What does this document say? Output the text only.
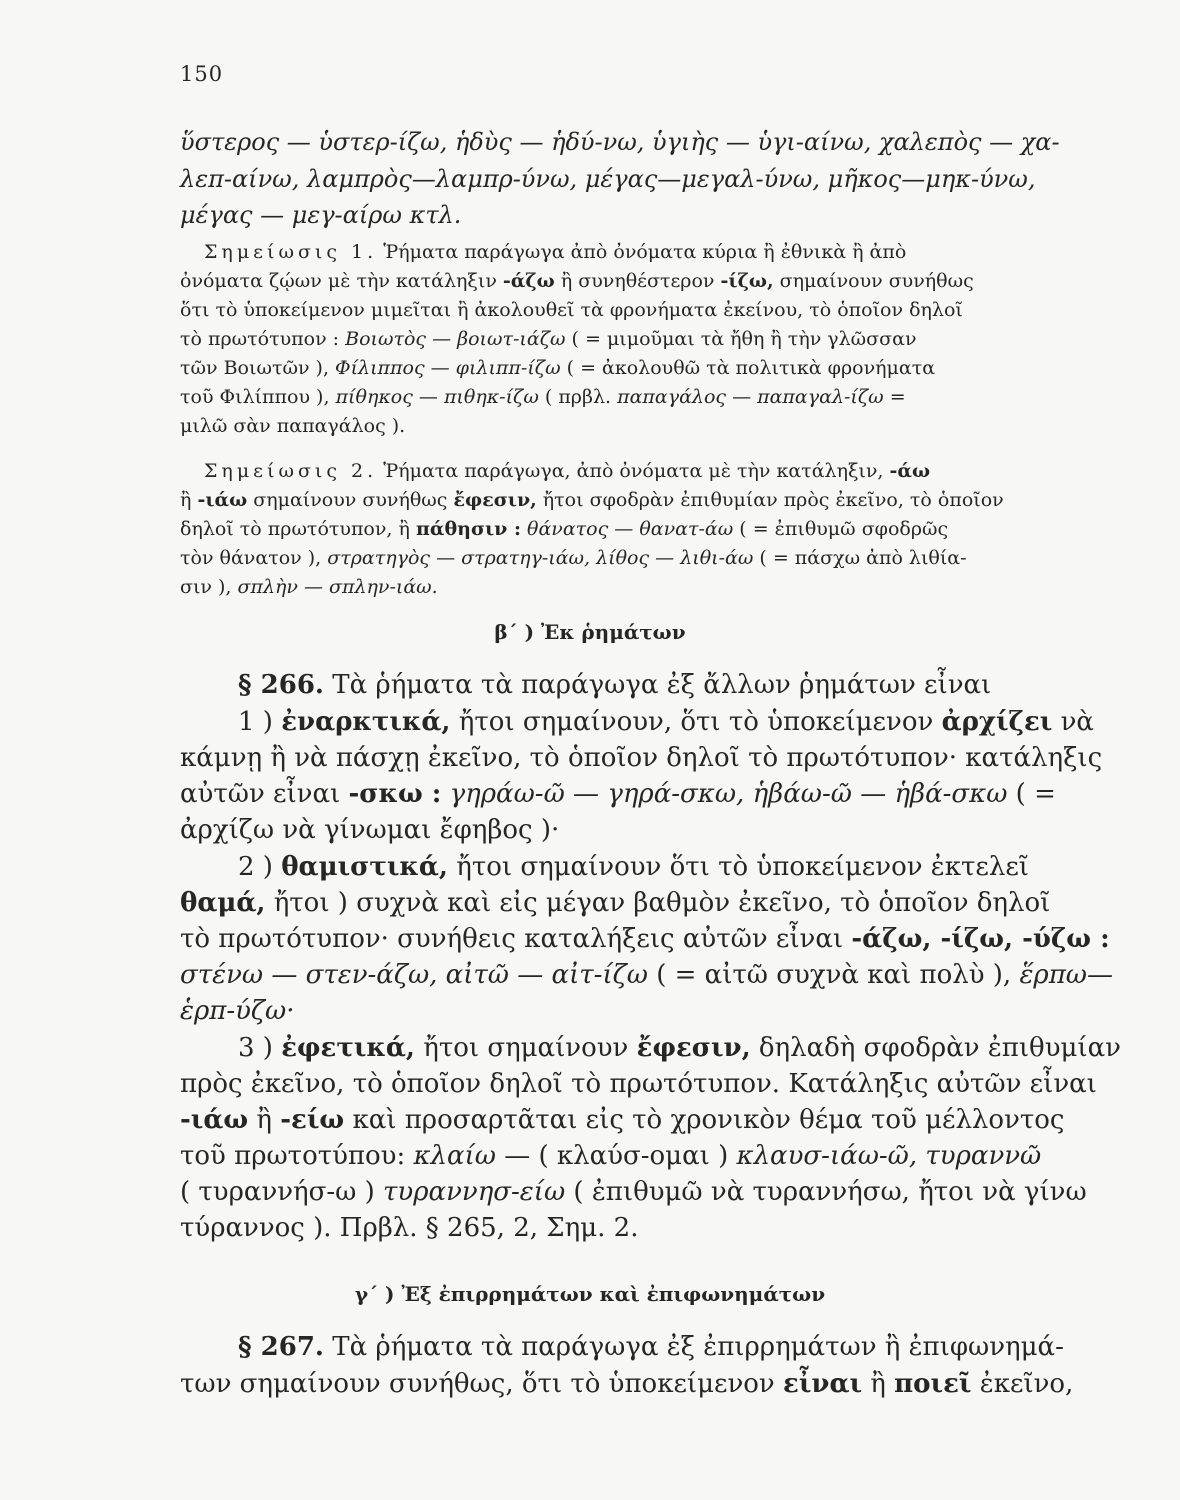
150
ὕστερος — ὑστερ-ίζω, ἡδὺς — ἡδύ-νω, ὑγιὴς — ὑγι-αίνω, χαλεπὸς — χα-
λεπ-αίνω, λαμπρὸς—λαμπρ-ύνω, μέγας—μεγαλ-ύνω, μῆκος—μηκ-ύνω,
μέγας — μεγ-αίρω κτλ.
Σημείωσις 1. Ῥήματα παράγωγα ἀπὸ ὀνόματα κύρια ἢ ἐθνικὰ ἢ ἀπὸ
ὀνόματα ζῴων μὲ τὴν κατάληξιν -άζω ἢ συνηθέστερον -ίζω, σημαίνουν συνήθως
ὅτι τὸ ὑποκείμενον μιμεῖται ἢ ἀκολουθεῖ τὰ φρονήματα ἐκείνου, τὸ ὁποῖον δηλοῖ
τὸ πρωτότυπον : Βοιωτὸς — βοιωτ-ιάζω ( = μιμοῦμαι τὰ ἤθη ἢ τὴν γλῶσσαν
τῶν Βοιωτῶν ), Φίλιππος — φιλιππ-ίζω ( = ἀκολουθῶ τὰ πολιτικὰ φρονήματα
τοῦ Φιλίππου ), πίθηκος — πιθηκ-ίζω ( πρβλ. παπαγάλος — παπαγαλ-ίζω =
μιλῶ σὰν παπαγάλος ).
Σημείωσις 2. Ῥήματα παράγωγα, ἀπὸ ὀνόματα μὲ τὴν κατάληξιν, -άω
ἢ -ιάω σημαίνουν συνήθως ἔφεσιν, ἤτοι σφοδρὰν ἐπιθυμίαν πρὸς ἐκεῖνο, τὸ ὁποῖον
δηλοῖ τὸ πρωτότυπον, ἢ πάθησιν : θάνατος — θανατ-άω ( = ἐπιθυμῶ σφοδρῶς
τὸν θάνατον ), στρατηγὸς — στρατηγ-ιάω, λίθος — λιθι-άω ( = πάσχω ἀπὸ λιθία-
σιν ), σπλὴν — σπλην-ιάω.
β΄ ) Ἐκ ῥημάτων
§ 266. Τὰ ῥήματα τὰ παράγωγα ἐξ ἄλλων ῥημάτων εἶναι
1 ) ἐναρκτικά, ἤτοι σημαίνουν, ὅτι τὸ ὑποκείμενον ἀρχίζει νὰ
κάμνῃ ἢ νὰ πάσχῃ ἐκεῖνο, τὸ ὁποῖον δηλοῖ τὸ πρωτότυπον· κατάληξις
αὐτῶν εἶναι -σκω : γηράω-ῶ — γηρά-σκω, ἡβάω-ῶ — ἡβά-σκω ( =
ἀρχίζω νὰ γίνωμαι ἔφηβος )·
2 ) θαμιστικά, ἤτοι σημαίνουν ὅτι τὸ ὑποκείμενον ἐκτελεῖ
θαμά, ἤτοι ) συχνὰ καὶ εἰς μέγαν βαθμὸν ἐκεῖνο, τὸ ὁποῖον δηλοῖ
τὸ πρωτότυπον· συνήθεις καταλήξεις αὐτῶν εἶναι -άζω, -ίζω, -ύζω :
στένω — στεν-άζω, αἰτῶ — αἰτ-ίζω ( = αἰτῶ συχνὰ καὶ πολὺ ), ἕρπω—
ἑρπ-ύζω·
3 ) ἐφετικά, ἤτοι σημαίνουν ἔφεσιν, δηλαδὴ σφοδρὰν ἐπιθυμίαν
πρὸς ἐκεῖνο, τὸ ὁποῖον δηλοῖ τὸ πρωτότυπον. Κατάληξις αὐτῶν εἶναι
-ιάω ἢ -είω καὶ προσαρτᾶται εἰς τὸ χρονικὸν θέμα τοῦ μέλλοντος
τοῦ πρωτοτύπου: κλαίω — ( κλαύσ-ομαι ) κλαυσ-ιάω-ῶ, τυραννῶ
( τυραννήσ-ω ) τυραννησ-είω ( ἐπιθυμῶ νὰ τυραννήσω, ἤτοι νὰ γίνω
τύραννος ). Πρβλ. § 265, 2, Σημ. 2.
γ΄ ) Ἐξ ἐπιρρημάτων καὶ ἐπιφωνημάτων
§ 267. Τὰ ῥήματα τὰ παράγωγα ἐξ ἐπιρρημάτων ἢ ἐπιφωνημά-
των σημαίνουν συνήθως, ὅτι τὸ ὑποκείμενον εἶναι ἢ ποιεῖ ἐκεῖνο,
